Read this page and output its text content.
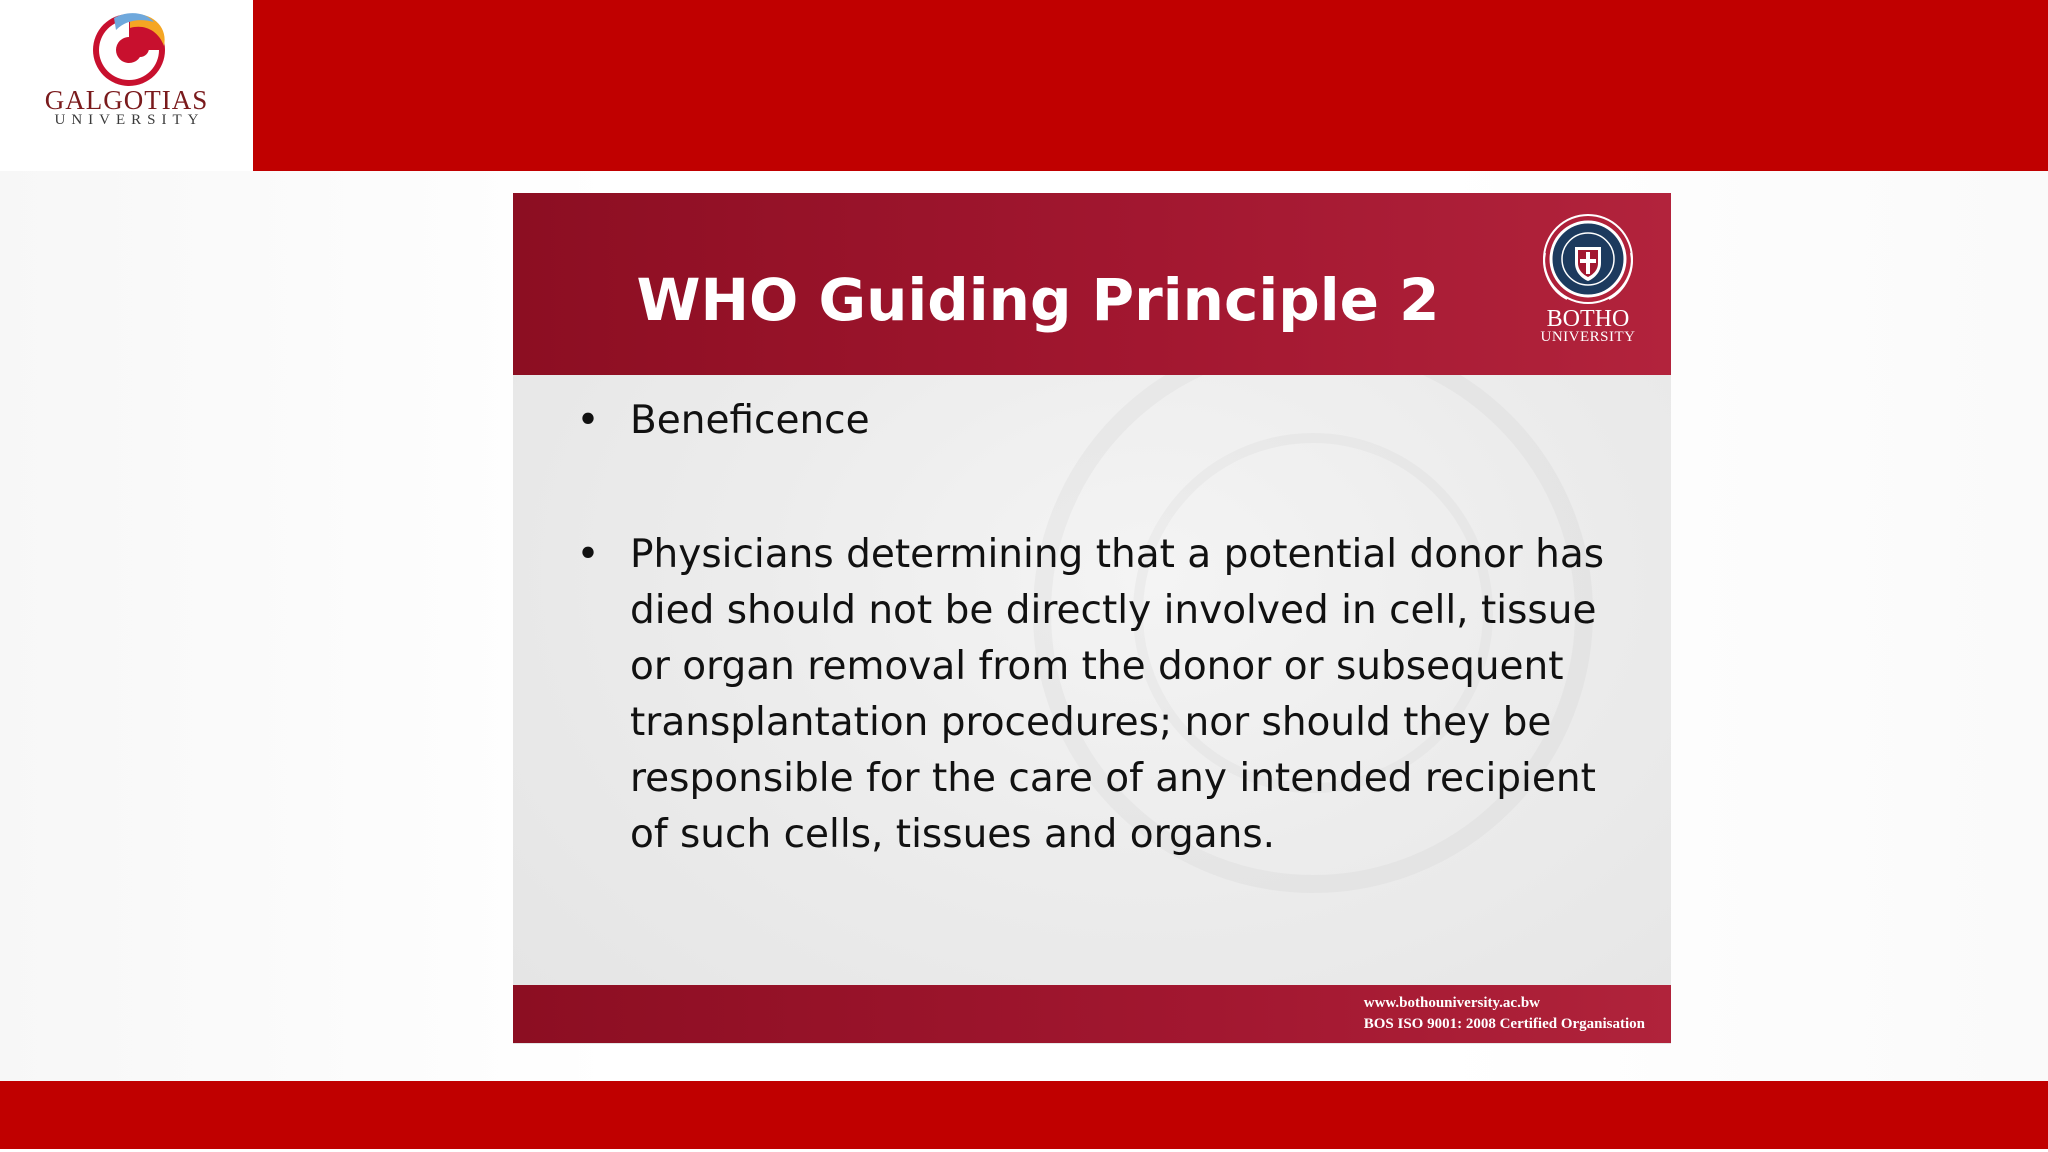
GALGOTIAS
UNIVERSITY
WHO Guiding Principle 2	BOTHO
UNIVERSITY
• Beneficence
• Physicians determining that a potential donor has died should not be directly involved in cell, tissue or organ removal from the donor or subsequent transplantation procedures; nor should they be responsible for the care of any intended recipient of such cells, tissues and organs.
www.bothouniversity.ac.bw
BOS ISO 9001: 2008 Certified Organisation
